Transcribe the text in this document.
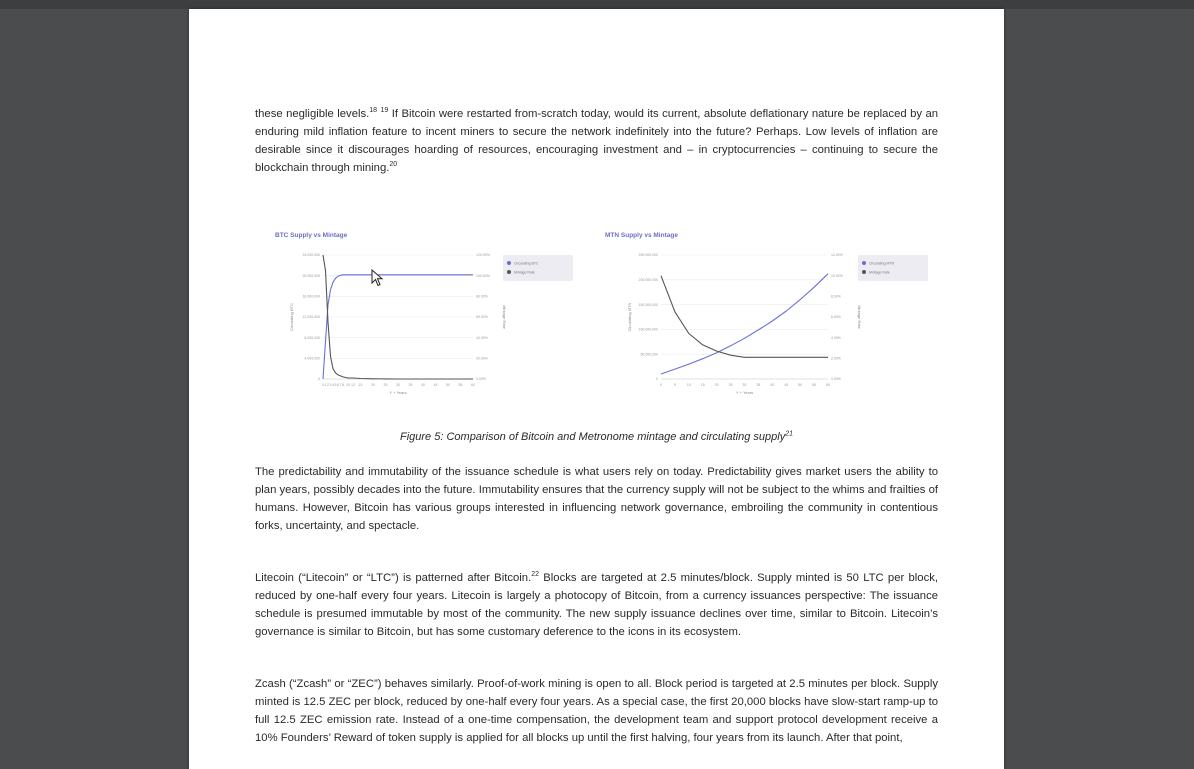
these negligible levels.$^{18}$ $^{19}$ If Bitcoin were restarted from-scratch today, would its current, absolute deflationary nature be replaced by an enduring mild inflation feature to incent miners to secure the network indefinitely into the future? Perhaps. Low levels of inflation are desirable since it discourages hoarding of resources, encouraging investment and – in cryptocurrencies – continuing to secure the blockchain through mining.$^{20}$

BTC Supply vs Mintage
0
4,000,000
8,000,000
12,000,000
16,000,000
20,000,000
24,000,000
0.00%
20.00%
40.00%
60.00%
80.00%
100.00%
120.00%
0 1 2 3 4 5 6 7 8 10 12 15 20 25 30 35 40 45 50 55 60
Y + Years
Circulating BTC	Mintage Rate
Circulating BTC
Mintage Rate
MTN Supply vs Mintage
0
50,000,000
100,000,000
150,000,000
200,000,000
250,000,000
0.00%
2.00%
4.00%
6.00%
8.00%
10.00%
12.00%
0	5	10	15	20	25	30	35	40	45	50	55	60
Y + Years
Circulating MTN	Mintage Rate
Circulating MTN
Mintage Rate

Figure 5: Comparison of Bitcoin and Metronome mintage and circulating supply$^{21}$

The predictability and immutability of the issuance schedule is what users rely on today. Predictability gives market users the ability to plan years, possibly decades into the future. Immutability ensures that the currency supply will not be subject to the whims and frailties of humans. However, Bitcoin has various groups interested in influencing network governance, embroiling the community in contentious forks, uncertainty, and spectacle.

Litecoin (“Litecoin” or “LTC”) is patterned after Bitcoin.$^{22}$ Blocks are targeted at 2.5 minutes/block. Supply minted is 50 LTC per block, reduced by one-half every four years. Litecoin is largely a photocopy of Bitcoin, from a currency issuances perspective: The issuance schedule is presumed immutable by most of the community. The new supply issuance declines over time, similar to Bitcoin. Litecoin’s governance is similar to Bitcoin, but has some customary deference to the icons in its ecosystem.

Zcash (“Zcash” or “ZEC”) behaves similarly. Proof-of-work mining is open to all. Block period is targeted at 2.5 minutes per block. Supply minted is 12.5 ZEC per block, reduced by one-half every four years. As a special case, the first 20,000 blocks have slow-start ramp-up to full 12.5 ZEC emission rate. Instead of a one-time compensation, the development team and support protocol development receive a 10% Founders’ Reward of token supply is applied for all blocks up until the first halving, four years from its launch. After that point,
